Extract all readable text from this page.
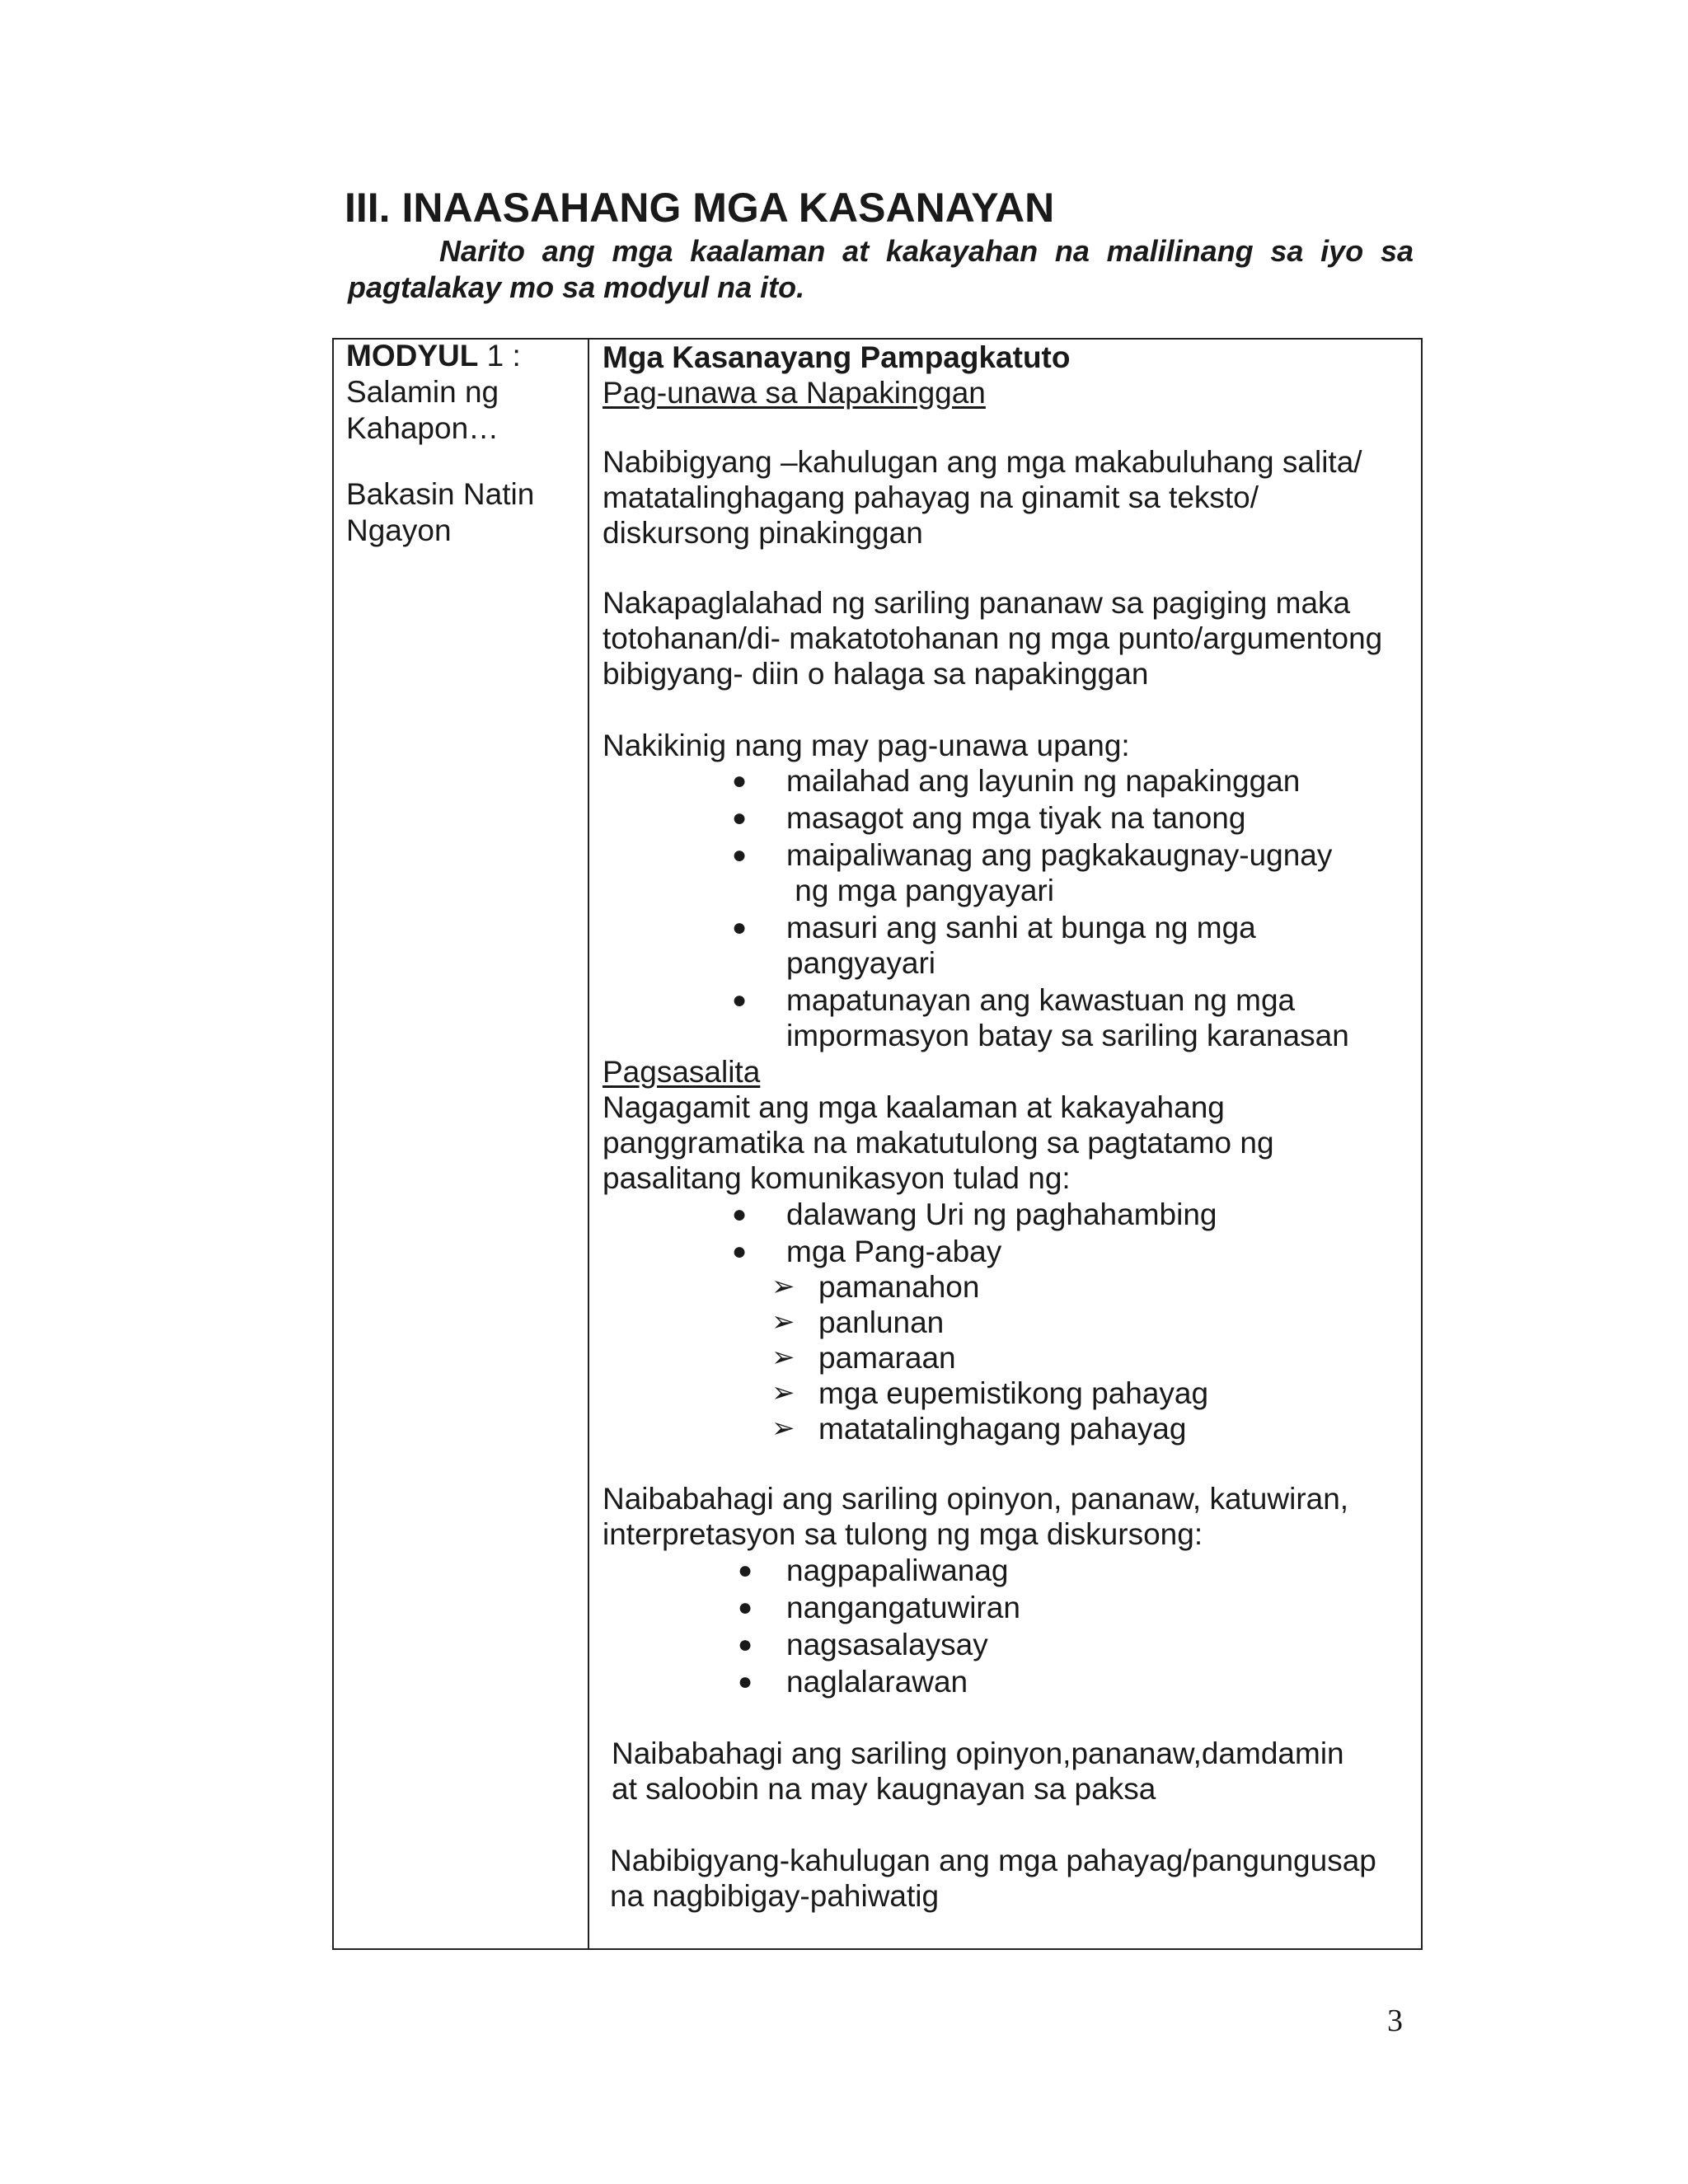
III. INAASAHANG MGA KASANAYAN
Narito ang mga kaalaman at kakayahan na malilinang sa iyo sa pagtalakay mo sa modyul na ito.
MODYUL 1 :
Salamin ng Kahapon…
Bakasin Natin Ngayon
Mga Kasanayang Pampagkatuto
Pag-unawa sa Napakinggan
Nabibigyang –kahulugan ang mga makabuluhang salita/
matatalinghagang pahayag na ginamit sa teksto/
diskursong pinakinggan
Nakapaglalahad ng sariling pananaw sa pagiging maka
totohanan/di- makatotohanan ng mga punto/argumentong
bibigyang- diin o halaga sa napakinggan
Nakikinig nang may pag-unawa upang:
● mailahad ang layunin ng napakinggan
● masagot ang mga tiyak na tanong
● maipaliwanag ang pagkakaugnay-ugnay
ng mga pangyayari
● masuri ang sanhi at bunga ng mga
pangyayari
● mapatunayan ang kawastuan ng mga
impormasyon batay sa sariling karanasan
Pagsasalita
Nagagamit ang mga kaalaman at kakayahang
panggramatika na makatutulong sa pagtatamo ng
pasalitang komunikasyon tulad ng:
● dalawang Uri ng paghahambing
● mga Pang-abay
➢ pamanahon
➢ panlunan
➢ pamaraan
➢ mga eupemistikong pahayag
➢ matatalinghagang pahayag
Naibabahagi ang sariling opinyon, pananaw, katuwiran,
interpretasyon sa tulong ng mga diskursong:
● nagpapaliwanag
● nangangatuwiran
● nagsasalaysay
● naglalarawan
Naibabahagi ang sariling opinyon,pananaw,damdamin
at saloobin na may kaugnayan sa paksa
Nabibigyang-kahulugan ang mga pahayag/pangungusap
na nagbibigay-pahiwatig
3
